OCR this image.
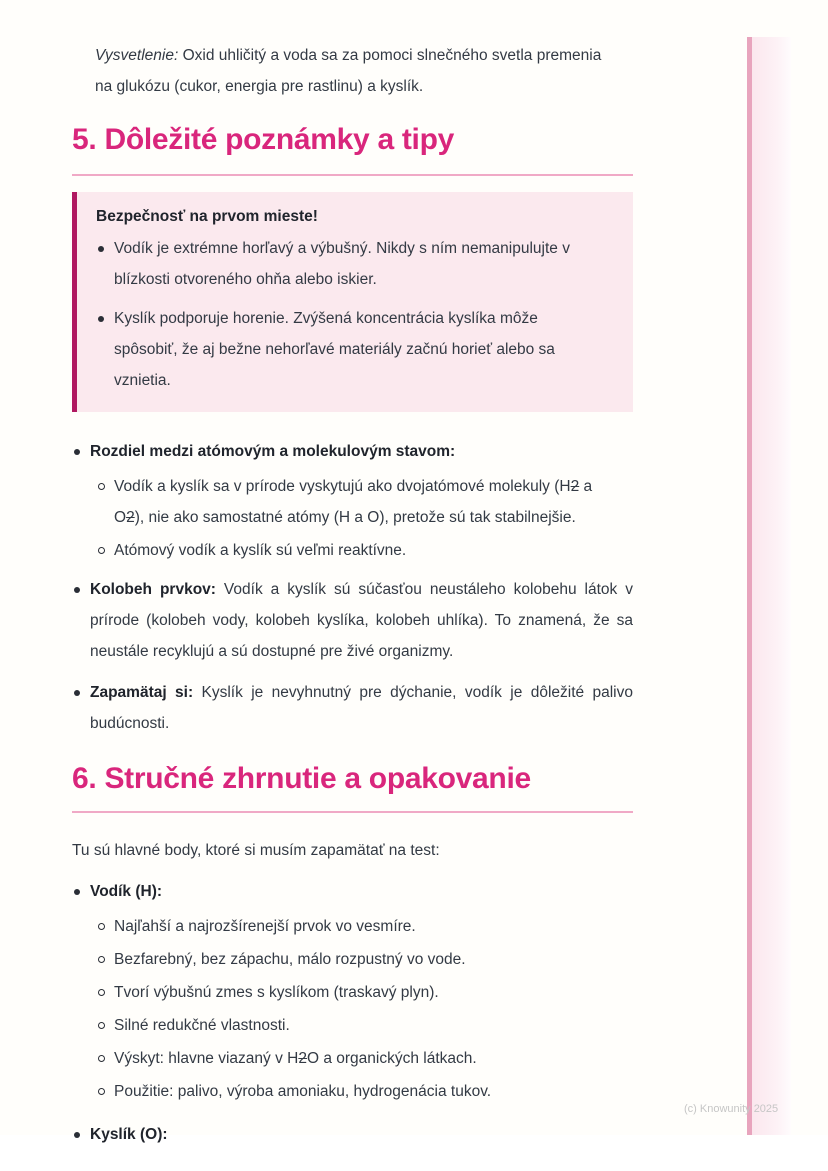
Vysvetlenie: Oxid uhličitý a voda sa za pomoci slnečného svetla premenia
na glukózu (cukor, energia pre rastlinu) a kyslík.

5. Dôležité poznámky a tipy

Bezpečnosť na prvom mieste!

Vodík je extrémne horľavý a výbušný. Nikdy s ním nemanipulujte v
blízkosti otvoreného ohňa alebo iskier.
Kyslík podporuje horenie. Zvýšená koncentrácia kyslíka môže
spôsobiť, že aj bežne nehorľavé materiály začnú horieť alebo sa
vznietia.
Rozdiel medzi atómovým a molekulovým stavom:
Vodík a kyslík sa v prírode vyskytujú ako dvojatómové molekuly (H2 a
O2), nie ako samostatné atómy (H a O), pretože sú tak stabilnejšie.
Atómový vodík a kyslík sú veľmi reaktívne.
Kolobeh prvkov: Vodík a kyslík sú súčasťou neustáleho kolobehu látok v prírode (kolobeh vody, kolobeh kyslíka, kolobeh uhlíka). To znamená, že sa neustále recyklujú a sú dostupné pre živé organizmy.
Zapamätaj si: Kyslík je nevyhnutný pre dýchanie, vodík je dôležité palivo budúcnosti.
6. Stručné zhrnutie a opakovanie

Tu sú hlavné body, ktoré si musím zapamätať na test:

Vodík (H):
Najľahší a najrozšírenejší prvok vo vesmíre.
Bezfarebný, bez zápachu, málo rozpustný vo vode.
Tvorí výbušnú zmes s kyslíkom (traskavý plyn).
Silné redukčné vlastnosti.
Výskyt: hlavne viazaný v H2O a organických látkach.
Použitie: palivo, výroba amoniaku, hydrogenácia tukov.
Kyslík (O):
(c) Knowunity 2025
